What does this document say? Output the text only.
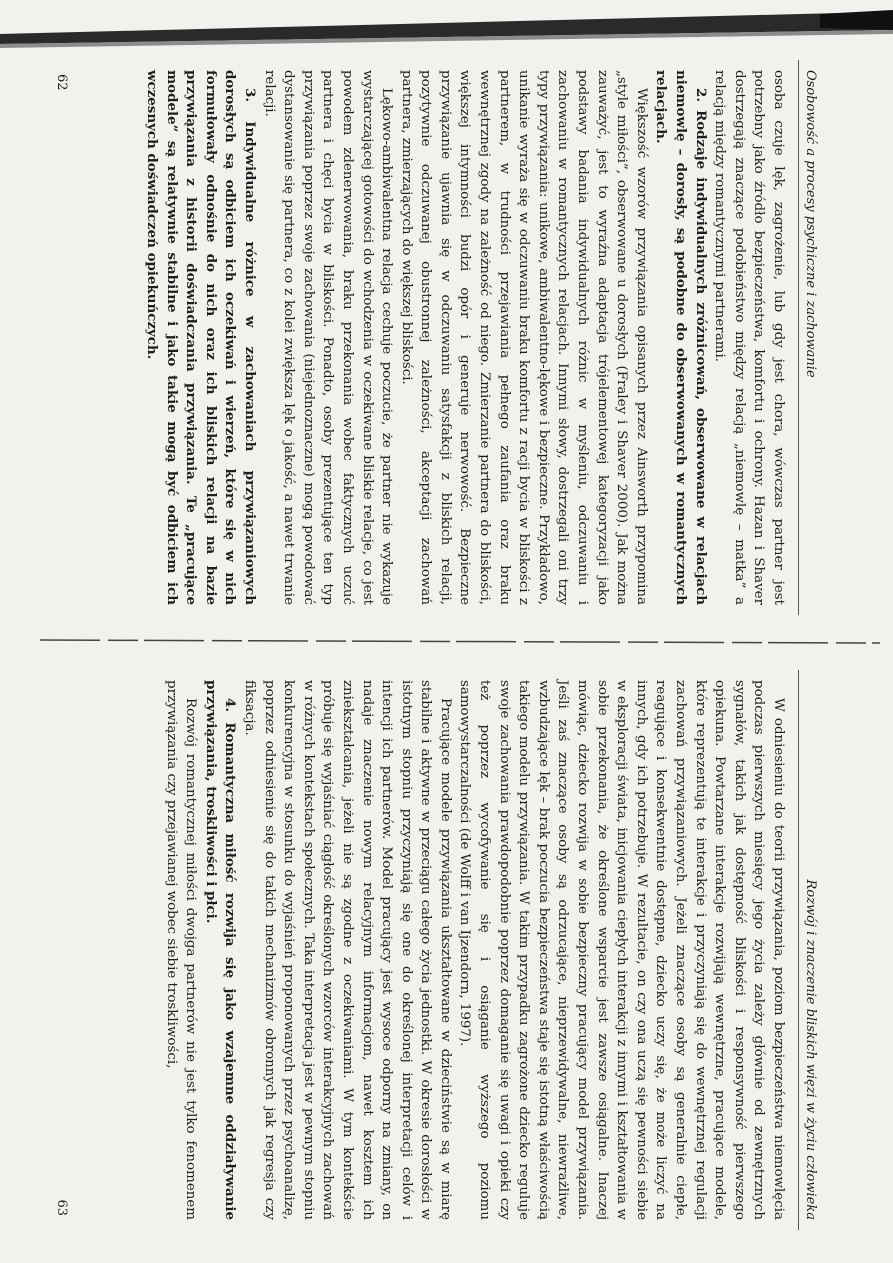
Osobowość a procesy psychiczne i zachowanie

osoba czuje lęk, zagrożenie, lub gdy jest chora, wówczas partner jest potrzebny jako źródło bezpieczeństwa, komfortu i ochrony. Hazan i Shaver dostrzegają znaczące podobieństwo między relacją „niemowlę – matka” a relacją między romantycznymi partnerami.

2. Rodzaje indywidualnych zróżnicowań, obserwowane w relacjach niemowlę – dorosły, są podobne do obserwowanych w romantycznych relacjach.

Większość wzorów przywiązania opisanych przez Ainsworth przypomina „style miłości”, obserwowane u dorosłych (Fraley i Shaver 2000). Jak można zauważyć, jest to wyraźna adaptacja trójelementowej kategoryzacji jako podstawy badania indywidualnych różnic w myśleniu, odczuwaniu i zachowaniu w romantycznych relacjach. Innymi słowy, dostrzegali oni trzy typy przywiązania: unikowe, ambiwalentno-lękowe i bezpieczne. Przykładowo, unikanie wyraża się w odczuwaniu braku komfortu z racji bycia w bliskości z partnerem, w trudności przejawiania pełnego zaufania oraz braku wewnętrznej zgody na zależność od niego. Zmierzanie partnera do bliskości, większej intymności budzi opór i generuje nerwowość. Bezpieczne przywiązanie ujawnia się w odczuwaniu satysfakcji z bliskich relacji, pozytywnie odczuwanej obustronnej zależności, akceptacji zachowań partnera, zmierzających do większej bliskości.

Lękowo-ambiwalentna relacja cechuje poczucie, że partner nie wykazuje wystarczającej gotowości do wchodzenia w oczekiwane bliskie relacje, co jest powodem zdenerwowania, braku przekonania wobec faktycznych uczuć partnera i chęci bycia w bliskości. Ponadto, osoby prezentujące ten typ przywiązania poprzez swoje zachowania (niejednoznaczne) mogą powodować dystansowanie się partnera, co z kolei zwiększa lęk o jakość, a nawet trwanie relacji.

3. Indywidualne różnice w zachowaniach przywiązaniowych dorosłych są odbiciem ich oczekiwań i wierzeń, które się w nich formułowały odnośnie do nich oraz ich bliskich relacji na bazie przywiązania z historii doświadczania przywiązania. Te „pracujące modele” są relatywnie stabilne i jako takie mogą być odbiciem ich wczesnych doświadczeń opiekuńczych.

62
Rozwój i znaczenie bliskich więzi w życiu człowieka

W odniesieniu do teorii przywiązania, poziom bezpieczeństwa niemowlęcia podczas pierwszych miesięcy jego życia zależy głównie od zewnętrznych sygnałów, takich jak dostępność bliskości i responsywność pierwszego opiekuna. Powtarzane interakcje rozwijają wewnętrzne, pracujące modele, które reprezentują te interakcje i przyczyniają się do wewnętrznej regulacji zachowań przywiązaniowych. Jeżeli znaczące osoby są generalnie ciepłe, reagujące i konsekwentnie dostępne, dziecko uczy się, że może liczyć na innych, gdy ich potrzebuje. W rezultacie, on czy ona uczą się pewności siebie w eksploracji świata, inicjowania ciepłych interakcji z innymi i kształtowania w sobie przekonania, że określone wsparcie jest zawsze osiągalne. Inaczej mówiąc, dziecko rozwija w sobie bezpieczny pracujący model przywiązania. Jeśli zaś znaczące osoby są odrzucające, nieprzewidywalne, niewrażliwe, wzbudzające lęk – brak poczucia bezpieczeństwa staje się istotną właściwością takiego modelu przywiązania. W takim przypadku zagrożone dziecko reguluje swoje zachowania prawdopodobnie poprzez domaganie się uwagi i opieki czy też poprzez wycofywanie się i osiąganie wyższego poziomu samowystarczalności (de Wolff i van Ijzendorn, 1997).

Pracujące modele przywiązania ukształtowane w dzieciństwie są w miarę stabilne i aktywne w przeciągu całego życia jednostki. W okresie dorosłości w istotnym stopniu przyczyniają się one do określonej interpretacji celów i intencji ich partnerów. Model pracujący jest wysoce odporny na zmiany, on nadaje znaczenie nowym relacyjnym informacjom, nawet kosztem ich zniekształcania, jeżeli nie są zgodne z oczekiwaniami. W tym kontekście próbuje się wyjaśniać ciągłość określonych wzorców interakcyjnych zachowań w różnych kontekstach społecznych. Taka interpretacja jest w pewnym stopniu konkurencyjna w stosunku do wyjaśnień proponowanych przez psychoanalizę, poprzez odniesienie się do takich mechanizmów obronnych jak regresja czy fiksacja.

4. Romantyczna miłość rozwija się jako wzajemne oddziaływanie przywiązania, troskliwości i płci.

Rozwój romantycznej miłości dwojga partnerów nie jest tylko fenomenem przywiązania czy przejawianej wobec siebie troskliwości,

63
